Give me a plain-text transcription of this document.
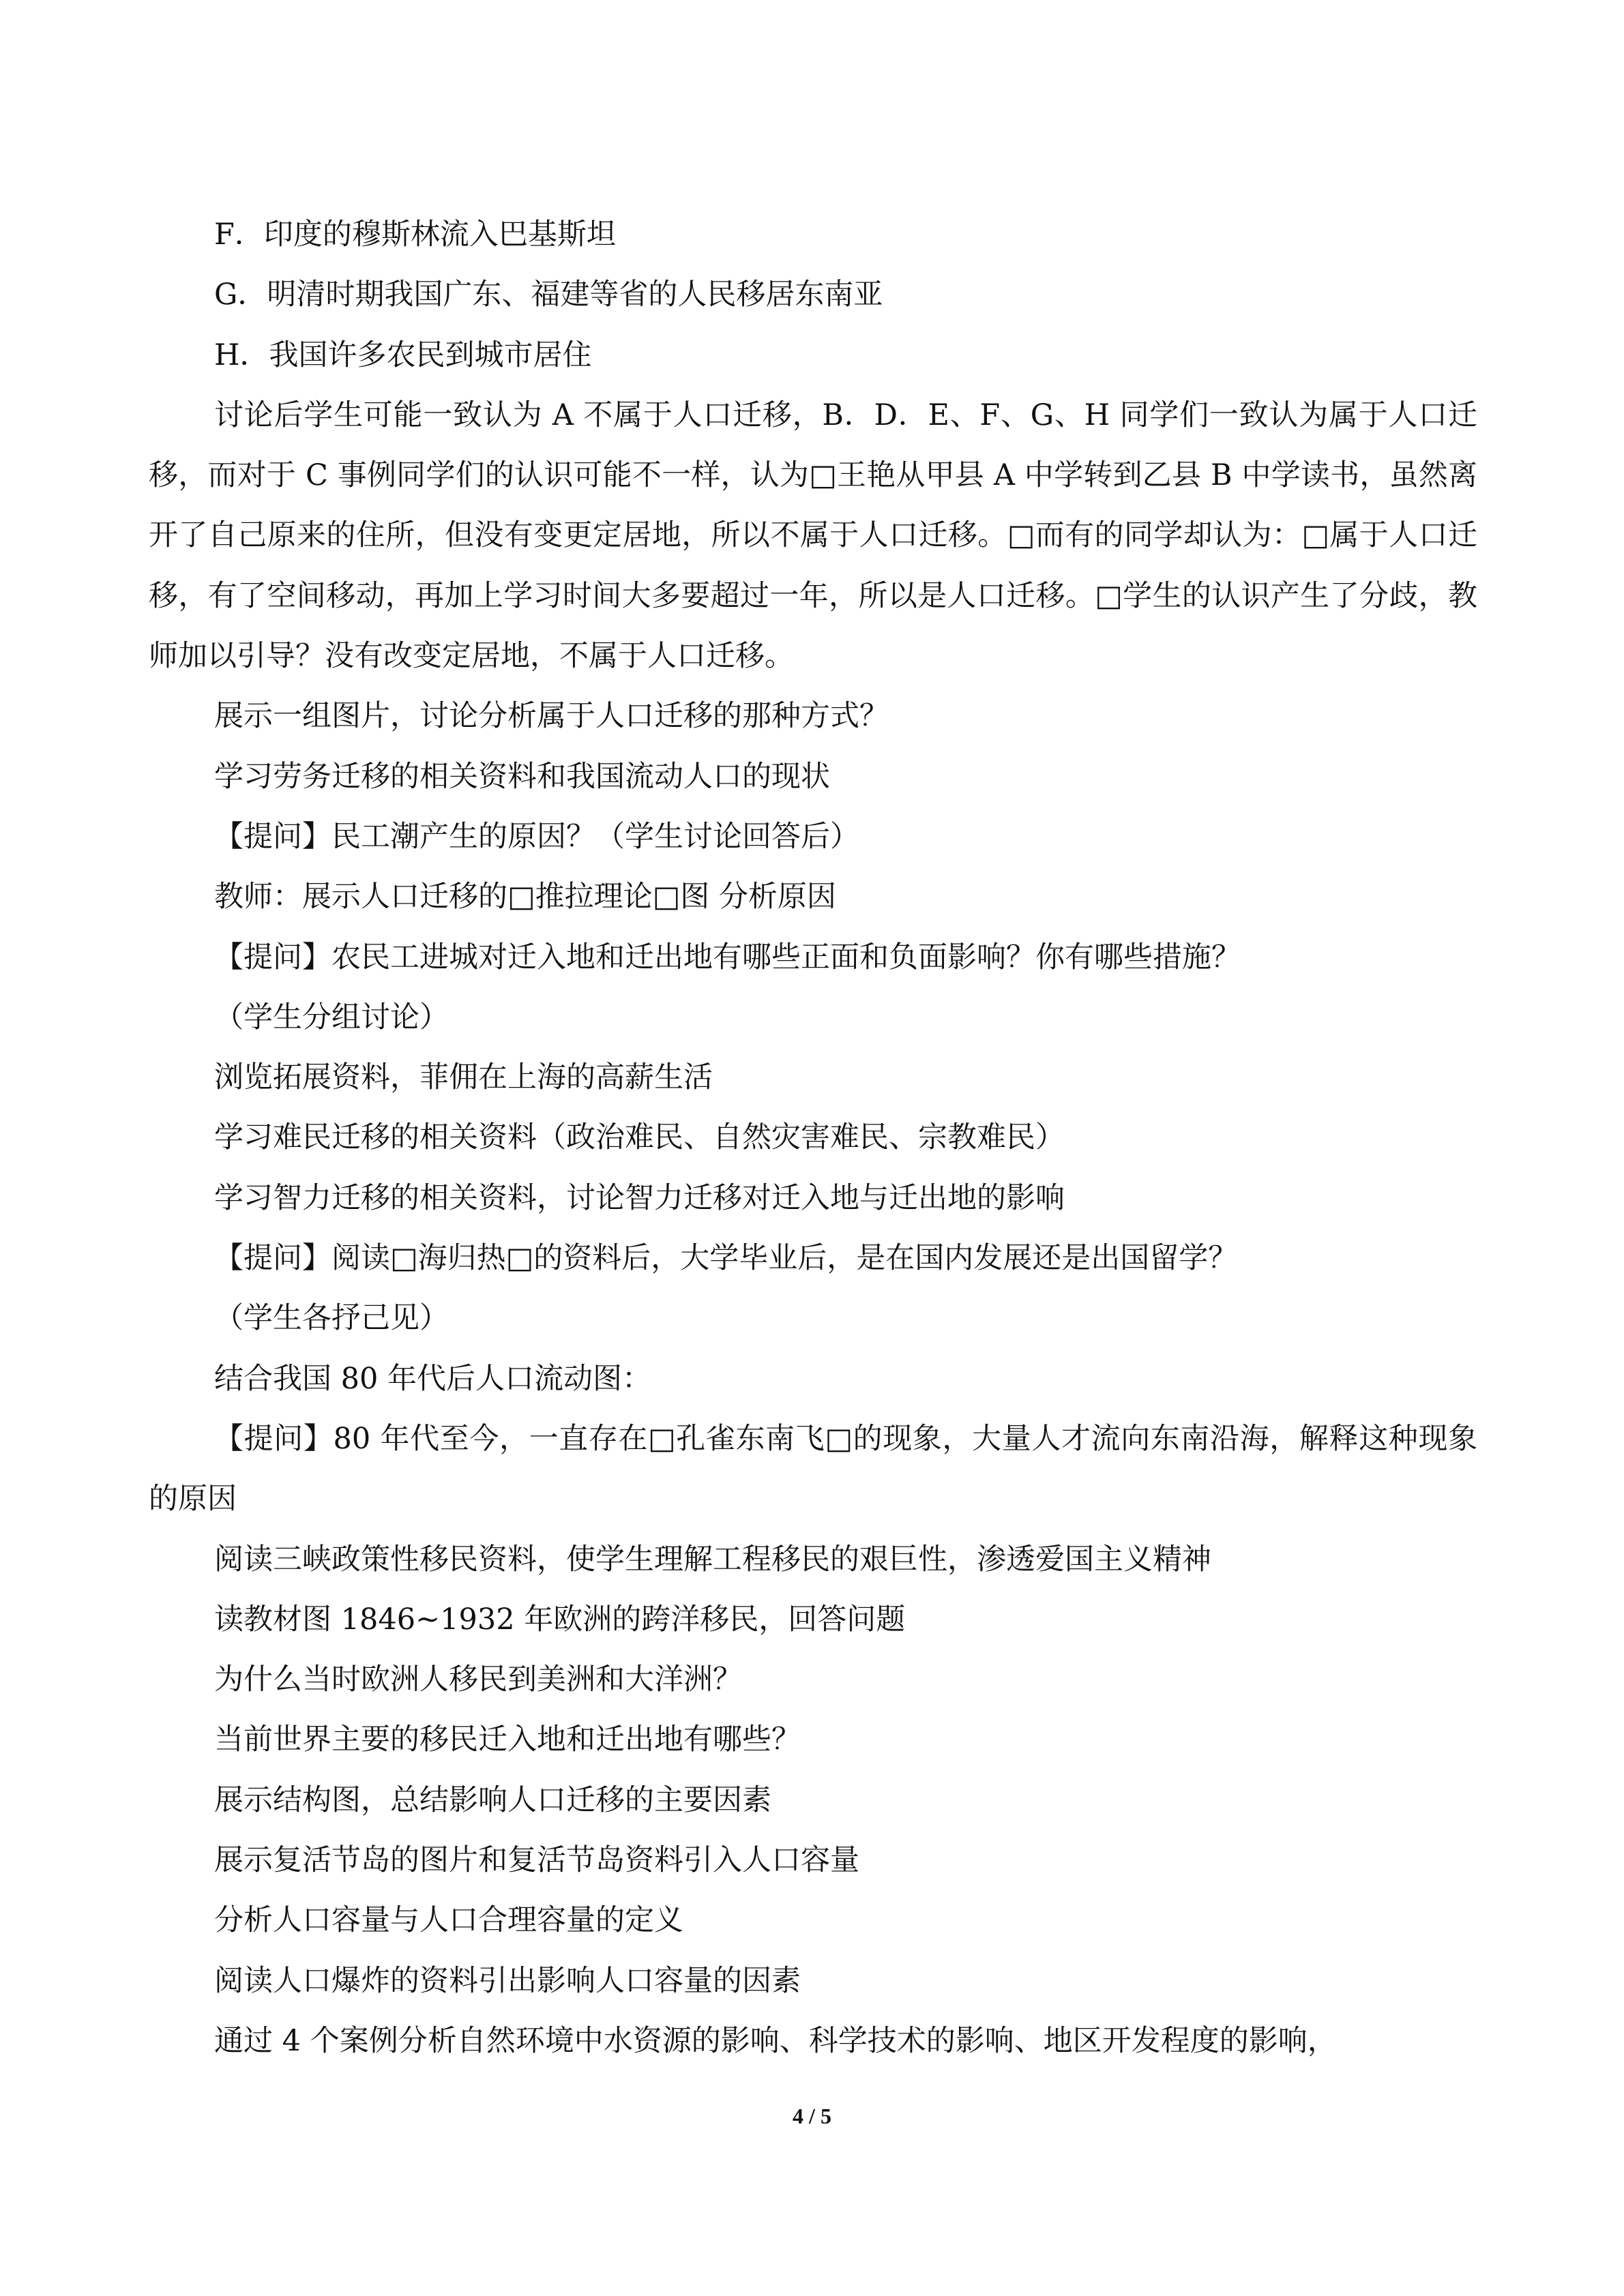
F．印度的穆斯林流入巴基斯坦

G．明清时期我国广东、福建等省的人民移居东南亚

H．我国许多农民到城市居住

讨论后学生可能一致认为 A 不属于人口迁移，B．D．E、F、G、H 同学们一致认为属于人口迁移，而对于 C 事例同学们的认识可能不一样，认为□王艳从甲县 A 中学转到乙县 B 中学读书，虽然离开了自己原来的住所，但没有变更定居地，所以不属于人口迁移。□而有的同学却认为：□属于人口迁移，有了空间移动，再加上学习时间大多要超过一年，所以是人口迁移。□学生的认识产生了分歧，教师加以引导？没有改变定居地，不属于人口迁移。

展示一组图片，讨论分析属于人口迁移的那种方式？

学习劳务迁移的相关资料和我国流动人口的现状

【提问】民工潮产生的原因？（学生讨论回答后）

教师：展示人口迁移的□推拉理论□图 分析原因

【提问】农民工进城对迁入地和迁出地有哪些正面和负面影响？你有哪些措施？

（学生分组讨论）

浏览拓展资料，菲佣在上海的高薪生活

学习难民迁移的相关资料（政治难民、自然灾害难民、宗教难民）

学习智力迁移的相关资料，讨论智力迁移对迁入地与迁出地的影响

【提问】阅读□海归热□的资料后，大学毕业后，是在国内发展还是出国留学？

（学生各抒己见）

结合我国 80 年代后人口流动图：

【提问】80 年代至今，一直存在□孔雀东南飞□的现象，大量人才流向东南沿海，解释这种现象的原因

阅读三峡政策性移民资料，使学生理解工程移民的艰巨性，渗透爱国主义精神

读教材图 1846~1932 年欧洲的跨洋移民，回答问题

为什么当时欧洲人移民到美洲和大洋洲？

当前世界主要的移民迁入地和迁出地有哪些？

展示结构图，总结影响人口迁移的主要因素

展示复活节岛的图片和复活节岛资料引入人口容量

分析人口容量与人口合理容量的定义

阅读人口爆炸的资料引出影响人口容量的因素

通过 4 个案例分析自然环境中水资源的影响、科学技术的影响、地区开发程度的影响，

4 / 5
